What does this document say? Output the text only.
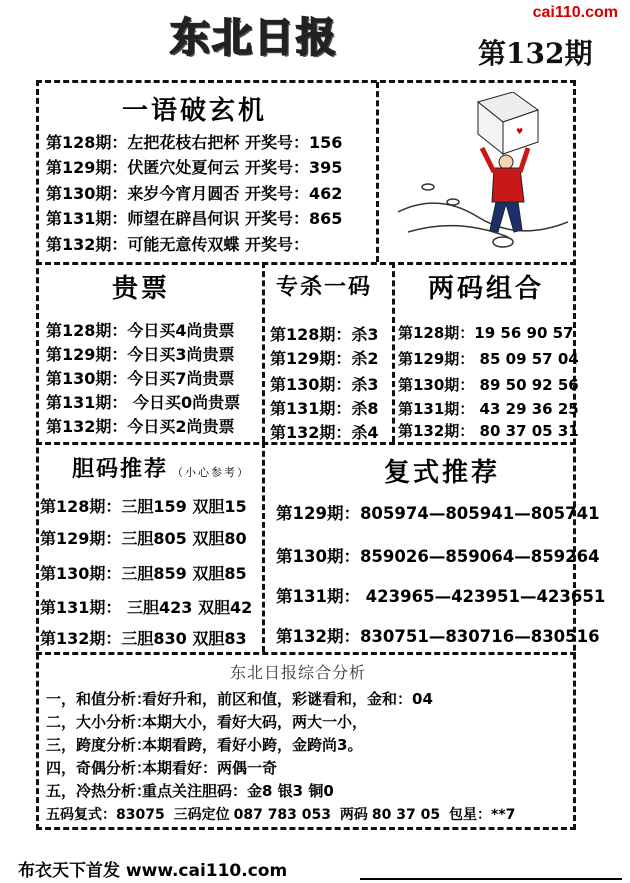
cai110.com
东北日报	第132期
一语破玄机
第128期：左把花枝右把杯 开奖号：156
第129期：伏匿穴处夏何云 开奖号：395
第130期：来岁今宵月圆否 开奖号：462
第131期：师望在辟昌何识 开奖号：865
第132期：可能无意传双蝶 开奖号：
♥
贵票
第128期：今日买4尚贵票
第129期：今日买3尚贵票
第130期：今日买7尚贵票
第131期： 今日买0尚贵票
第132期：今日买2尚贵票
专杀一码
第128期：杀3
第129期：杀2
第130期：杀3
第131期：杀8
第132期：杀4
两码组合
第128期：19 56 90 57
第129期： 85 09 57 04
第130期： 89 50 92 56
第131期： 43 29 36 25
第132期： 80 37 05 31
胆码推荐 （小心参考）
第128期：三胆159 双胆15
第129期：三胆805 双胆80
第130期：三胆859 双胆85
第131期： 三胆423 双胆42
第132期：三胆830 双胆83
复式推荐
第129期：805974—805941—805741
第130期：859026—859064—859264
第131期： 423965—423951—423651
第132期：830751—830716—830516
东北日报综合分析
一，和值分析：看好升和，前区和值，彩谜看和，金和：04
二，大小分析：本期大小，看好大码，两大一小，
三，跨度分析：本期看跨，看好小跨，金跨尚3。
四，奇偶分析：本期看好：两偶一奇
五，冷热分析：重点关注胆码：金8 银3 铜0
五码复式：83075 三码定位 087 783 053 两码 80 37 05 包星：**7
布衣天下首发 www.cai110.com
